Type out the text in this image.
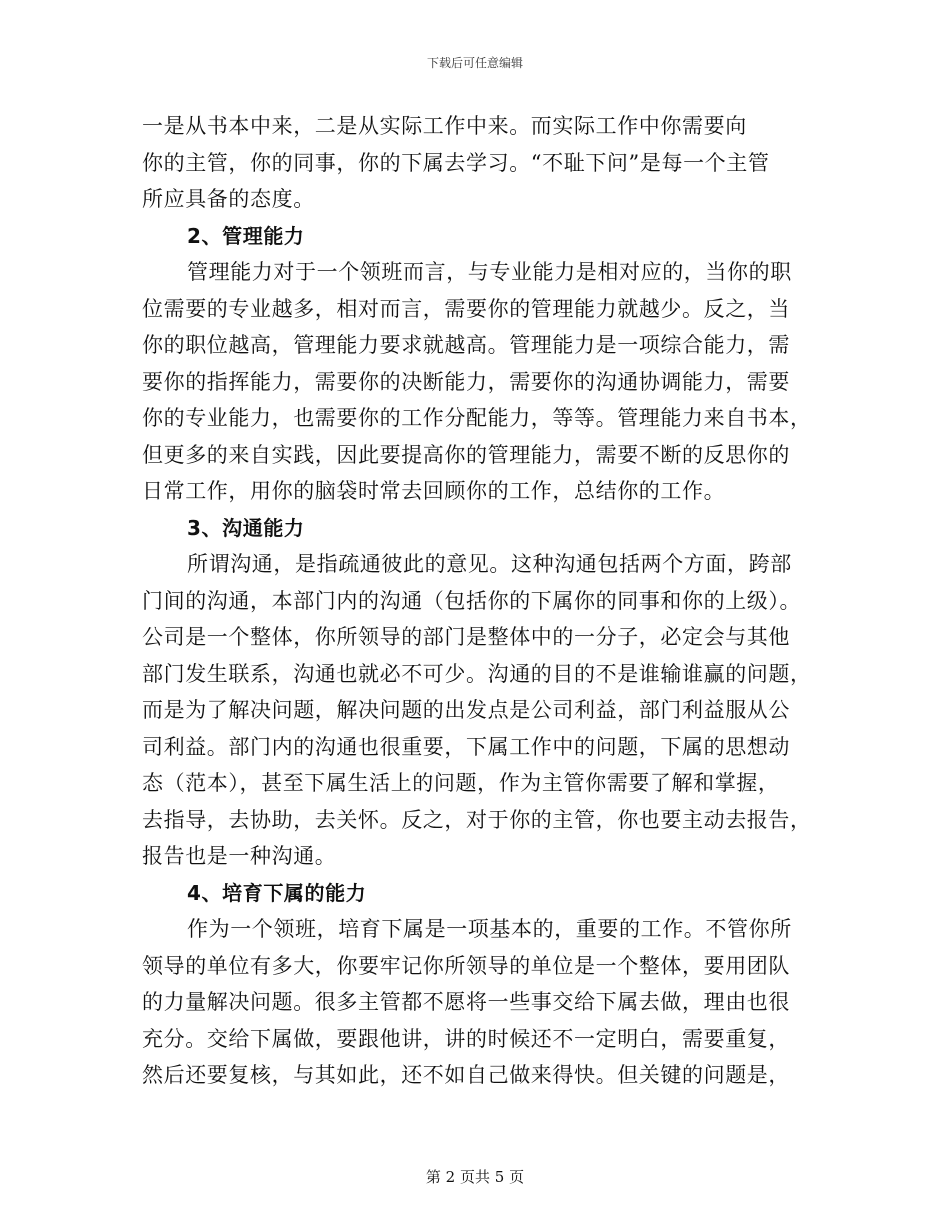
下载后可任意编辑
一是从书本中来，二是从实际工作中来。而实际工作中你需要向
你的主管，你的同事，你的下属去学习。“不耻下问”是每一个主管
所应具备的态度。
2、管理能力
管理能力对于一个领班而言，与专业能力是相对应的，当你的职
位需要的专业越多，相对而言，需要你的管理能力就越少。反之，当
你的职位越高，管理能力要求就越高。管理能力是一项综合能力，需
要你的指挥能力，需要你的决断能力，需要你的沟通协调能力，需要
你的专业能力，也需要你的工作分配能力，等等。管理能力来自书本，
但更多的来自实践，因此要提高你的管理能力，需要不断的反思你的
日常工作，用你的脑袋时常去回顾你的工作，总结你的工作。
3、沟通能力
所谓沟通，是指疏通彼此的意见。这种沟通包括两个方面，跨部
门间的沟通，本部门内的沟通（包括你的下属你的同事和你的上级）。
公司是一个整体，你所领导的部门是整体中的一分子，必定会与其他
部门发生联系，沟通也就必不可少。沟通的目的不是谁输谁赢的问题，
而是为了解决问题，解决问题的出发点是公司利益，部门利益服从公
司利益。部门内的沟通也很重要，下属工作中的问题，下属的思想动
态（范本），甚至下属生活上的问题，作为主管你需要了解和掌握，
去指导，去协助，去关怀。反之，对于你的主管，你也要主动去报告，
报告也是一种沟通。
4、培育下属的能力
作为一个领班，培育下属是一项基本的，重要的工作。不管你所
领导的单位有多大，你要牢记你所领导的单位是一个整体，要用团队
的力量解决问题。很多主管都不愿将一些事交给下属去做，理由也很
充分。交给下属做，要跟他讲，讲的时候还不一定明白，需要重复，
然后还要复核，与其如此，还不如自己做来得快。但关键的问题是，
第 2 页共 5 页
